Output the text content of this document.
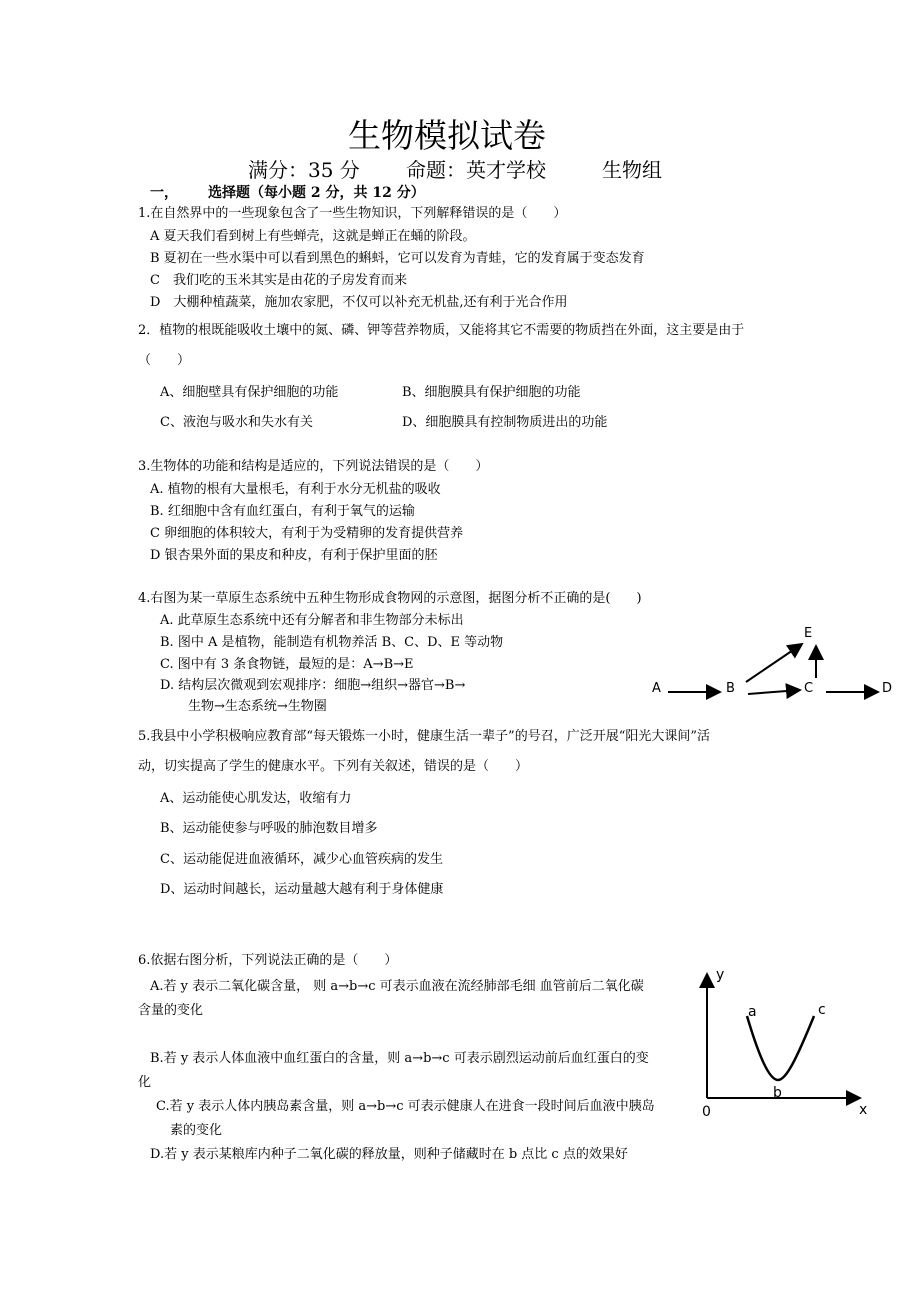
生物模拟试卷
满分：35 分 命题：英才学校	生物组
一， 选择题（每小题 2 分，共 12 分）
1.在自然界中的一些现象包含了一些生物知识，下列解释错误的是（　　）
A 夏天我们看到树上有些蝉壳，这就是蝉正在蛹的阶段。
B 夏初在一些水渠中可以看到黑色的蝌蚪，它可以发育为青蛙，它的发育属于变态发育
C　我们吃的玉米其实是由花的子房发育而来
D　大棚种植蔬菜，施加农家肥，不仅可以补充无机盐,还有利于光合作用
2．植物的根既能吸收土壤中的氮、磷、钾等营养物质，又能将其它不需要的物质挡在外面，这主要是由于
（　　）
A、细胞壁具有保护细胞的功能	B、细胞膜具有保护细胞的功能
C、液泡与吸水和失水有关	D、细胞膜具有控制物质进出的功能
3.生物体的功能和结构是适应的，下列说法错误的是（　　）
A. 植物的根有大量根毛，有利于水分无机盐的吸收
B. 红细胞中含有血红蛋白，有利于氧气的运输
C 卵细胞的体积较大，有利于为受精卵的发育提供营养
D 银杏果外面的果皮和种皮，有利于保护里面的胚
4.右图为某一草原生态系统中五种生物形成食物网的示意图，据图分析不正确的是(　　)
A. 此草原生态系统中还有分解者和非生物部分未标出
B. 图中 A 是植物，能制造有机物养活 B、C、D、E 等动物
C. 图中有 3 条食物链，最短的是：A→B→E
D. 结构层次微观到宏观排序：细胞→组织→器官→B→
生物→生态系统→生物圈
A	B	C	D
E
5.我县中小学积极响应教育部“每天锻炼一小时，健康生活一辈子”的号召，广泛开展“阳光大课间”活
动，切实提高了学生的健康水平。下列有关叙述，错误的是（　　）
A、运动能使心肌发达，收缩有力
B、运动能使参与呼吸的肺泡数目增多
C、运动能促进血液循环，减少心血管疾病的发生
D、运动时间越长，运动量越大越有利于身体健康
6.依据右图分析，下列说法正确的是（　　）
A.若 y 表示二氧化碳含量， 则 a→b→c 可表示血液在流经肺部毛细 血管前后二氧化碳
含量的变化
B.若 y 表示人体血液中血红蛋白的含量，则 a→b→c 可表示剧烈运动前后血红蛋白的变
化
C.若 y 表示人体内胰岛素含量，则 a→b→c 可表示健康人在进食一段时间后血液中胰岛
素的变化
D.若 y 表示某粮库内种子二氧化碳的释放量，则种子储藏时在 b 点比 c 点的效果好
y
x
0
a
b
c
